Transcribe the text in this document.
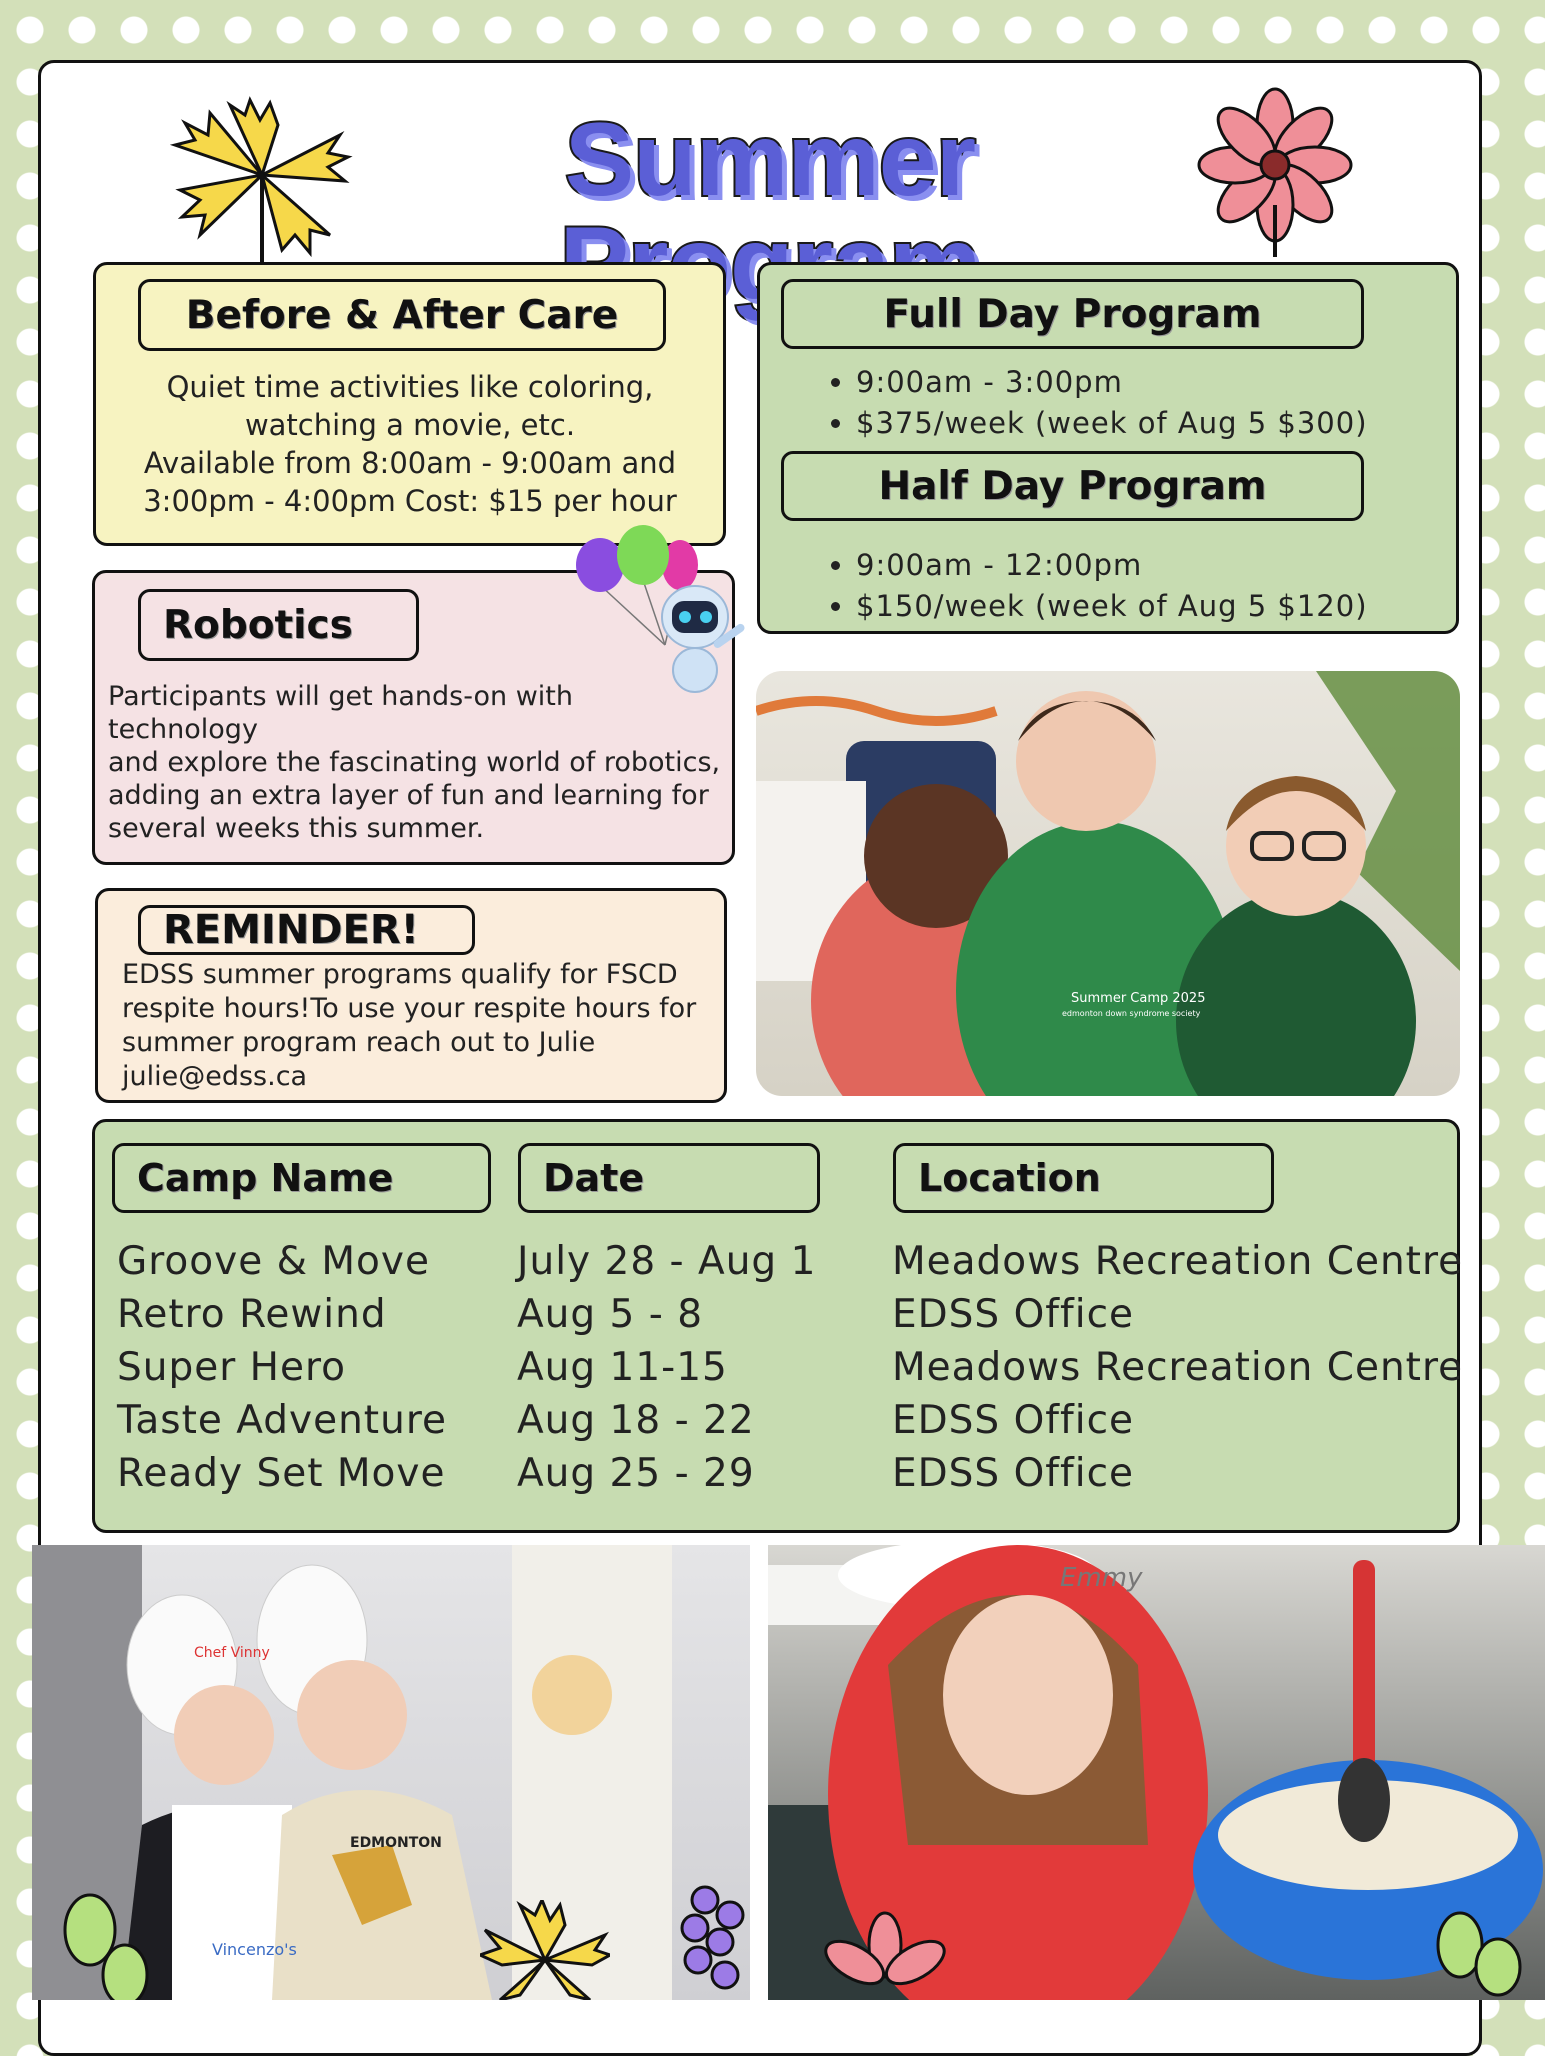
Summer
Before & After Care
Quiet time activities like coloring,
watching a movie, etc.
Available from 8:00am - 9:00am and
3:00pm - 4:00pm Cost: $15 per hour
Full Day Program
• 9:00am - 3:00pm
• $375/week (week of Aug 5 $300)
Half Day Program
• 9:00am - 12:00pm
• $150/week (week of Aug 5 $120)
Robotics
Participants will get hands-on with technology
and explore the fascinating world of robotics,
adding an extra layer of fun and learning for
several weeks this summer.
REMINDER!
EDSS summer programs qualify for FSCD
respite hours!To use your respite hours for
summer program reach out to Julie
julie@edss.ca
Summer Camp 2025
edmonton down syndrome society
Camp Name	Date	Location
Groove & Move
Retro Rewind
Super Hero
Taste Adventure
Ready Set Move
July 28 - Aug 1
Aug 5 - 8
Aug 11-15
Aug 18 - 22
Aug 25 - 29
Meadows Recreation Centre
EDSS Office
Meadows Recreation Centre
EDSS Office
EDSS Office
Chef Vinny
Vincenzo's
EDMONTON
Emmy
